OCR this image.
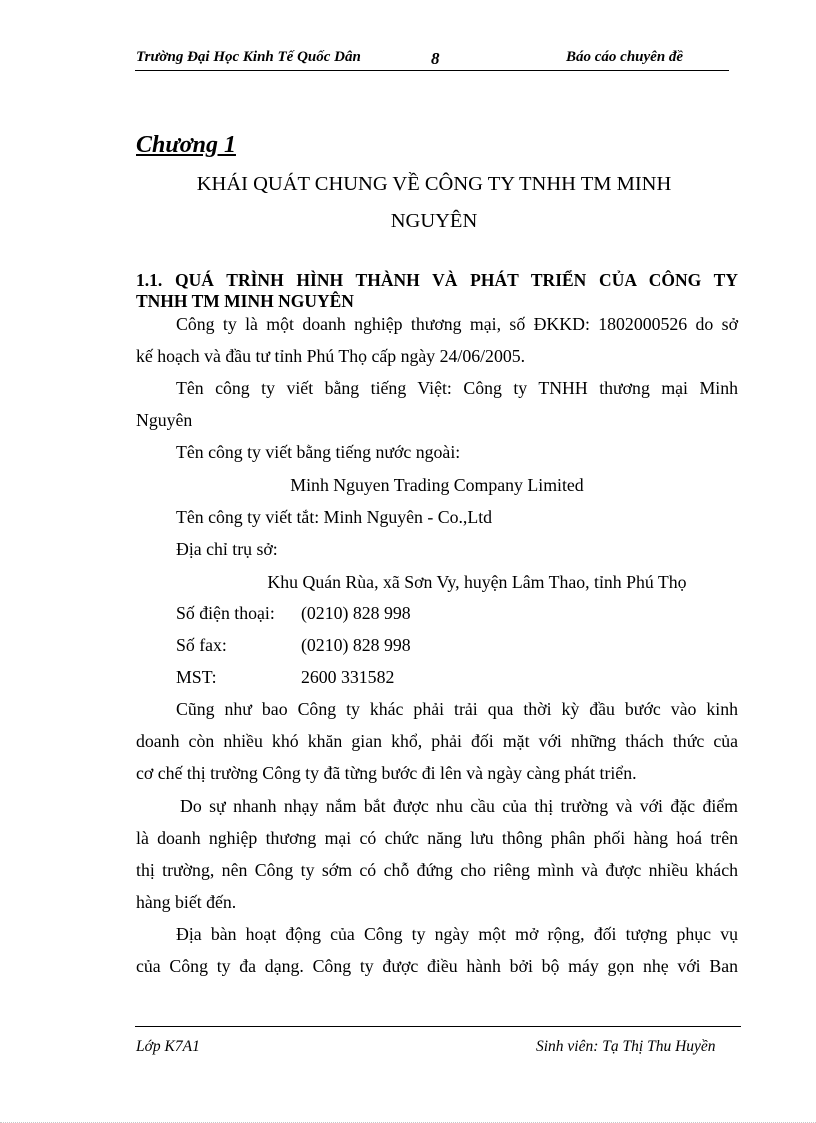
Trường Đại Học Kinh Tế Quốc Dân	8	Báo cáo chuyên đề
Chương 1
KHÁI QUÁT CHUNG VỀ CÔNG TY TNHH TM MINH
NGUYÊN
1.1. QUÁ TRÌNH HÌNH THÀNH VÀ PHÁT TRIỂN CỦA CÔNG TY
TNHH TM MINH NGUYÊN
Công ty là một doanh nghiệp thương mại, số ĐKKD: 1802000526 do sở
kế hoạch và đầu tư tỉnh Phú Thọ cấp ngày 24/06/2005.
Tên công ty viết bằng tiếng Việt: Công ty TNHH thương mại Minh
Nguyên
Tên công ty viết bằng tiếng nước ngoài:
Minh Nguyen Trading Company Limited
Tên công ty viết tắt: Minh Nguyên - Co.,Ltd
Địa chỉ trụ sở:
Khu Quán Rùa, xã Sơn Vy, huyện Lâm Thao, tỉnh Phú Thọ
Số điện thoại: (0210) 828 998
Số fax:	(0210) 828 998
MST:	2600 331582
Cũng như bao Công ty khác phải trải qua thời kỳ đầu bước vào kinh
doanh còn nhiều khó khăn gian khổ, phải đối mặt với những thách thức của
cơ chế thị trường Công ty đã từng bước đi lên và ngày càng phát triển.
Do sự nhanh nhạy nắm bắt được nhu cầu của thị trường và với đặc điểm
là doanh nghiệp thương mại có chức năng lưu thông phân phối hàng hoá trên
thị trường, nên Công ty sớm có chỗ đứng cho riêng mình và được nhiều khách
hàng biết đến.
Địa bàn hoạt động của Công ty ngày một mở rộng, đối tượng phục vụ
của Công ty đa dạng. Công ty được điều hành bởi bộ máy gọn nhẹ với Ban
Lớp K7A1	Sinh viên: Tạ Thị Thu Huyền
